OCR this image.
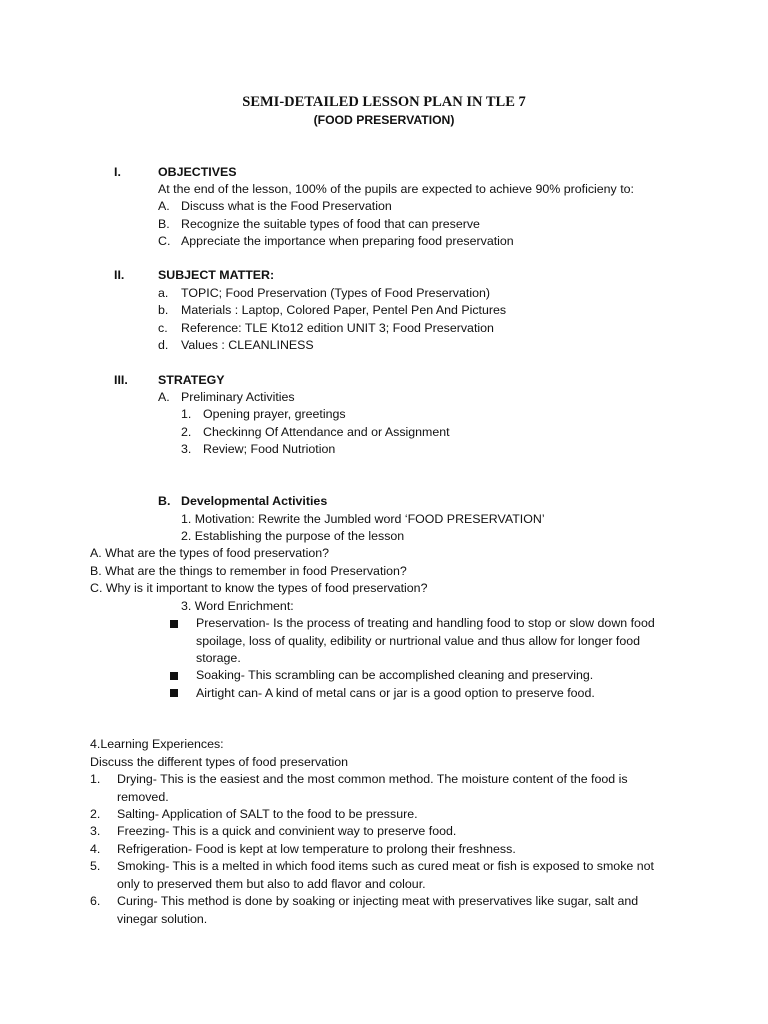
SEMI-DETAILED LESSON PLAN IN TLE 7
(FOOD PRESERVATION)
I.	OBJECTIVES
At the end of the lesson, 100% of the pupils are expected to achieve 90% proficieny to:
A. Discuss what is the Food Preservation
B. Recognize the suitable types of food that can preserve
C. Appreciate the importance when preparing food preservation
II.	SUBJECT MATTER:
a. TOPIC; Food Preservation (Types of Food Preservation)
b. Materials : Laptop, Colored Paper, Pentel Pen And Pictures
c. Reference: TLE Kto12 edition UNIT 3; Food Preservation
d. Values : CLEANLINESS
III. STRATEGY
A. Preliminary Activities
1. Opening prayer, greetings
2. Checkinng Of Attendance and or Assignment
3. Review; Food Nutriotion
B. Developmental Activities
1. Motivation: Rewrite the Jumbled word ‘FOOD PRESERVATION’
2. Establishing the purpose of the lesson
A. What are the types of food preservation?
B. What are the things to remember in food Preservation?
C. Why is it important to know the types of food preservation?
3. Word Enrichment:
Preservation- Is the process of treating and handling food to stop or slow down food
spoilage, loss of quality, edibility or nurtrional value and thus allow for longer food
storage.
Soaking- This scrambling can be accomplished cleaning and preserving.
Airtight can- A kind of metal cans or jar is a good option to preserve food.
4.Learning Experiences:
Discuss the different types of food preservation
1. Drying- This is the easiest and the most common method. The moisture content of the food is
removed.
2. Salting- Application of SALT to the food to be pressure.
3. Freezing- This is a quick and convinient way to preserve food.
4. Refrigeration- Food is kept at low temperature to prolong their freshness.
5. Smoking- This is a melted in which food items such as cured meat or fish is exposed to smoke not
only to preserved them but also to add flavor and colour.
6. Curing- This method is done by soaking or injecting meat with preservatives like sugar, salt and
vinegar solution.
